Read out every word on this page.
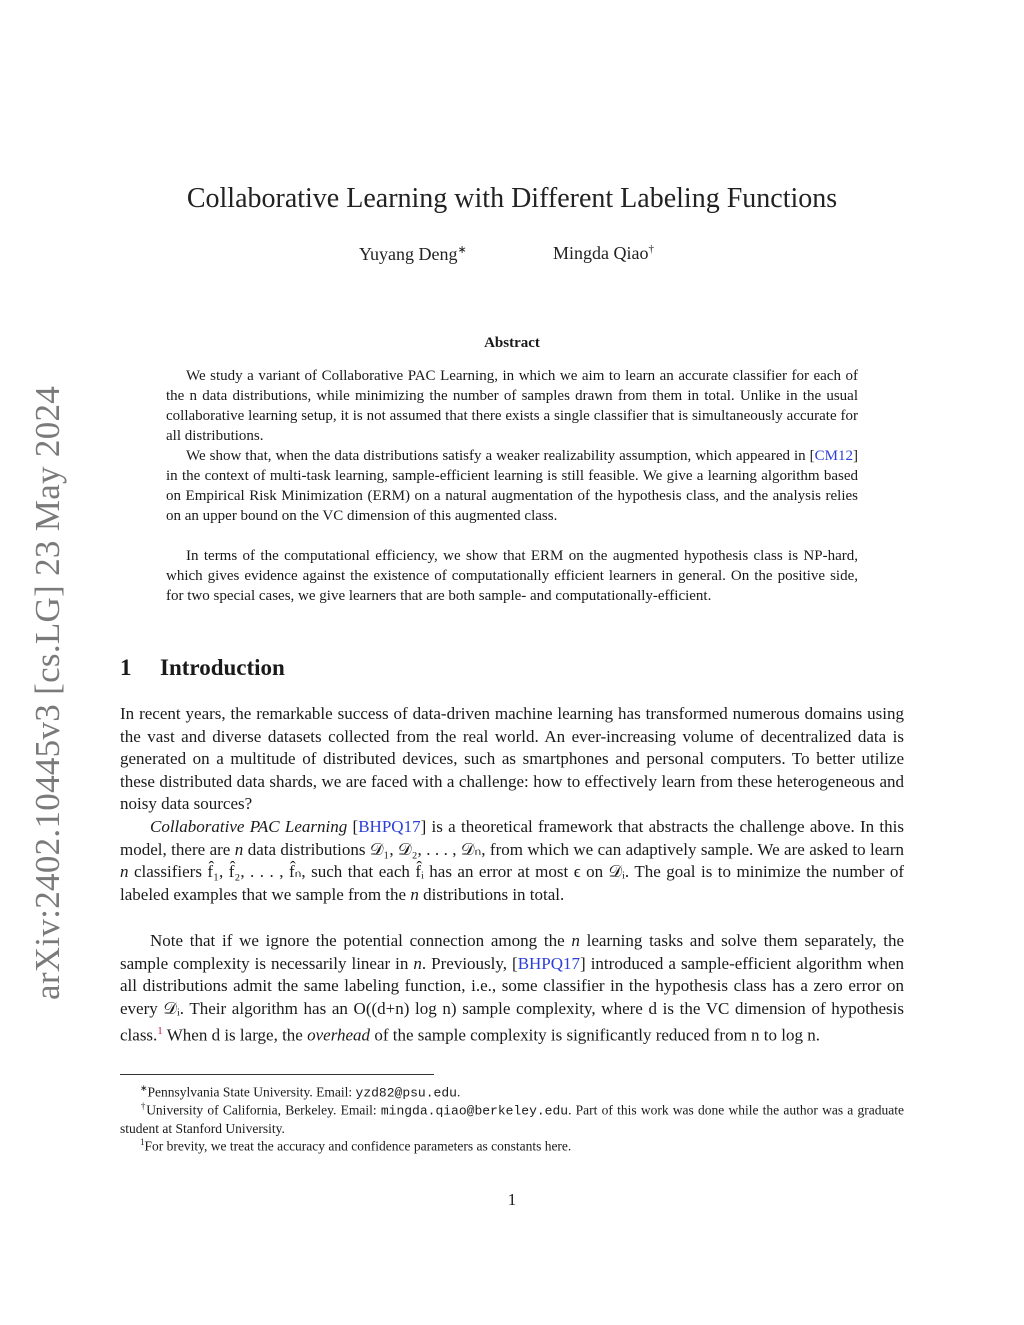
arXiv:2402.10445v3 [cs.LG] 23 May 2024
Collaborative Learning with Different Labeling Functions
Yuyang Deng∗	Mingda Qiao†
Abstract
We study a variant of Collaborative PAC Learning, in which we aim to learn an accurate classifier for each of the n data distributions, while minimizing the number of samples drawn from them in total. Unlike in the usual collaborative learning setup, it is not assumed that there exists a single classifier that is simultaneously accurate for all distributions.
We show that, when the data distributions satisfy a weaker realizability assumption, which appeared in [CM12] in the context of multi-task learning, sample-efficient learning is still feasible. We give a learning algorithm based on Empirical Risk Minimization (ERM) on a natural augmentation of the hypothesis class, and the analysis relies on an upper bound on the VC dimension of this augmented class.
In terms of the computational efficiency, we show that ERM on the augmented hypothesis class is NP-hard, which gives evidence against the existence of computationally efficient learners in general. On the positive side, for two special cases, we give learners that are both sample- and computationally-efficient.
1 Introduction
In recent years, the remarkable success of data-driven machine learning has transformed numerous domains using the vast and diverse datasets collected from the real world. An ever-increasing volume of decentralized data is generated on a multitude of distributed devices, such as smartphones and personal computers. To better utilize these distributed data shards, we are faced with a challenge: how to effectively learn from these heterogeneous and noisy data sources?
Collaborative PAC Learning [BHPQ17] is a theoretical framework that abstracts the challenge above. In this model, there are n data distributions 𝒟₁, 𝒟₂, . . . , 𝒟ₙ, from which we can adaptively sample. We are asked to learn n classifiers f̂₁, f̂₂, . . . , f̂ₙ, such that each f̂ᵢ has an error at most ϵ on 𝒟ᵢ. The goal is to minimize the number of labeled examples that we sample from the n distributions in total.
Note that if we ignore the potential connection among the n learning tasks and solve them separately, the sample complexity is necessarily linear in n. Previously, [BHPQ17] introduced a sample-efficient algorithm when all distributions admit the same labeling function, i.e., some classifier in the hypothesis class has a zero error on every 𝒟ᵢ. Their algorithm has an O((d+n) log n) sample complexity, where d is the VC dimension of hypothesis class.$^1$ When d is large, the overhead of the sample complexity is significantly reduced from n to log n.
∗Pennsylvania State University. Email: yzd82@psu.edu.
†University of California, Berkeley. Email: mingda.qiao@berkeley.edu. Part of this work was done while the author was a graduate student at Stanford University.
$^1$For brevity, we treat the accuracy and confidence parameters as constants here.
1
